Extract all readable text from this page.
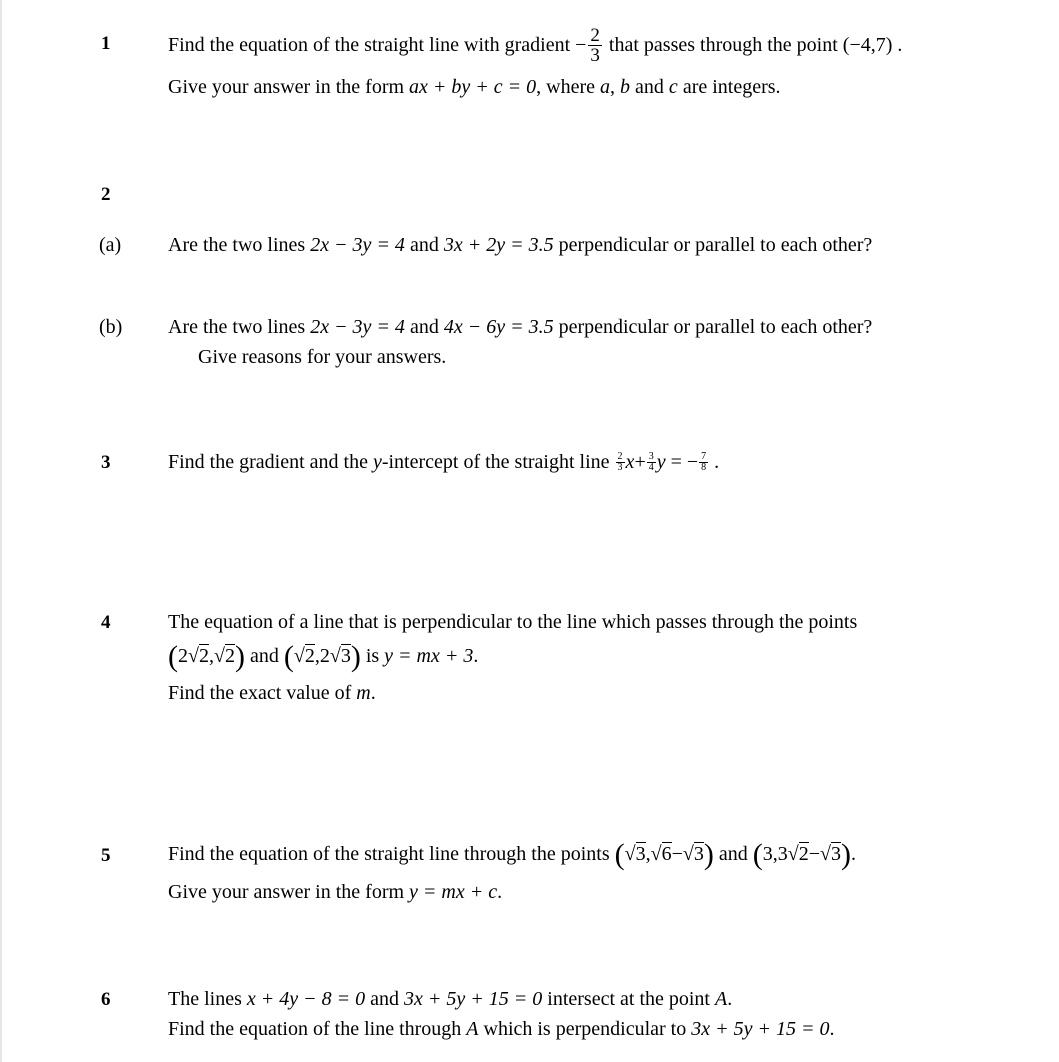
1	Find the equation of the straight line with gradient − $\frac{2}{3}$ that passes through the point (−4,7) .
Give your answer in the form ax + by + c = 0, where a, b and c are integers.
2
(a) Are the two lines 2x − 3y = 4 and 3x + 2y = 3.5 perpendicular or parallel to each other?
(b) Are the two lines 2x − 3y = 4 and 4x − 6y = 3.5 perpendicular or parallel to each other?
Give reasons for your answers.
3	Find the gradient and the y-intercept of the straight line $\frac{2}{3} x+ \frac{3}{4}$ y = − $\frac{7}{8}$ .
4	The equation of a line that is perpendicular to the line which passes through the points
(2√2,√2) and (√2,2√3) is y = mx + 3.
Find the exact value of m.
5	Find the equation of the straight line through the points (√3,√6−√3) and (3,3√2−√3).
Give your answer in the form y = mx + c.
6	The lines x + 4y − 8 = 0 and 3x + 5y + 15 = 0 intersect at the point A.
Find the equation of the line through A which is perpendicular to 3x + 5y + 15 = 0.
